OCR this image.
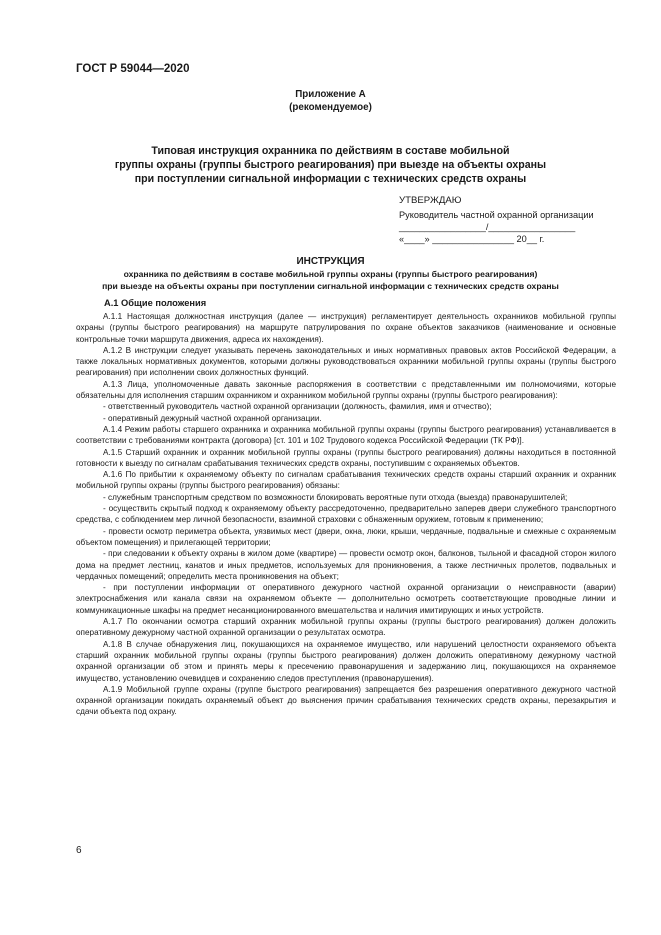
ГОСТ Р 59044—2020
Приложение А
(рекомендуемое)
Типовая инструкция охранника по действиям в составе мобильной
группы охраны (группы быстрого реагирования) при выезде на объекты охраны
при поступлении сигнальной информации с технических средств охраны
УТВЕРЖДАЮ
Руководитель частной охранной организации
_________________/_________________
«____» ________________ 20__ г.
ИНСТРУКЦИЯ
охранника по действиям в составе мобильной группы охраны (группы быстрого реагирования)
при выезде на объекты охраны при поступлении сигнальной информации с технических средств охраны
А.1 Общие положения

А.1.1 Настоящая должностная инструкция (далее — инструкция) регламентирует деятельность охранников мобильной группы охраны (группы быстрого реагирования) на маршруте патрулирования по охране объектов заказчиков (наименование и основные контрольные точки маршрута движения, адреса их нахождения).

А.1.2 В инструкции следует указывать перечень законодательных и иных нормативных правовых актов Российской Федерации, а также локальных нормативных документов, которыми должны руководствоваться охранники мобильной группы охраны (группы быстрого реагирования) при исполнении своих должностных функций.

А.1.3 Лица, уполномоченные давать законные распоряжения в соответствии с представленными им полномочиями, которые обязательны для исполнения старшим охранником и охранником мобильной группы охраны (группы быстрого реагирования):

- ответственный руководитель частной охранной организации (должность, фамилия, имя и отчество);

- оперативный дежурный частной охранной организации.

А.1.4 Режим работы старшего охранника и охранника мобильной группы охраны (группы быстрого реагирования) устанавливается в соответствии с требованиями контракта (договора) [ст. 101 и 102 Трудового кодекса Российской Федерации (ТК РФ)].

А.1.5 Старший охранник и охранник мобильной группы охраны (группы быстрого реагирования) должны находиться в постоянной готовности к выезду по сигналам срабатывания технических средств охраны, поступившим с охраняемых объектов.

А.1.6 По прибытии к охраняемому объекту по сигналам срабатывания технических средств охраны старший охранник и охранник мобильной группы охраны (группы быстрого реагирования) обязаны:

- служебным транспортным средством по возможности блокировать вероятные пути отхода (выезда) правонарушителей;

- осуществить скрытый подход к охраняемому объекту рассредоточенно, предварительно заперев двери служебного транспортного средства, с соблюдением мер личной безопасности, взаимной страховки с обнаженным оружием, готовым к применению;

- провести осмотр периметра объекта, уязвимых мест (двери, окна, люки, крыши, чердачные, подвальные и смежные с охраняемым объектом помещения) и прилегающей территории;

- при следовании к объекту охраны в жилом доме (квартире) — провести осмотр окон, балконов, тыльной и фасадной сторон жилого дома на предмет лестниц, канатов и иных предметов, используемых для проникновения, а также лестничных пролетов, подвальных и чердачных помещений; определить места проникновения на объект;

- при поступлении информации от оперативного дежурного частной охранной организации о неисправности (аварии) электроснабжения или канала связи на охраняемом объекте — дополнительно осмотреть соответствующие проводные линии и коммуникационные шкафы на предмет несанкционированного вмешательства и наличия имитирующих и иных устройств.

А.1.7 По окончании осмотра старший охранник мобильной группы охраны (группы быстрого реагирования) должен доложить оперативному дежурному частной охранной организации о результатах осмотра.

А.1.8 В случае обнаружения лиц, покушающихся на охраняемое имущество, или нарушений целостности охраняемого объекта старший охранник мобильной группы охраны (группы быстрого реагирования) должен доложить оперативному дежурному частной охранной организации об этом и принять меры к пресечению правонарушения и задержанию лиц, покушающихся на охраняемое имущество, установлению очевидцев и сохранению следов преступления (правонарушения).

А.1.9 Мобильной группе охраны (группе быстрого реагирования) запрещается без разрешения оперативного дежурного частной охранной организации покидать охраняемый объект до выяснения причин срабатывания технических средств охраны, перезакрытия и сдачи объекта под охрану.

6
